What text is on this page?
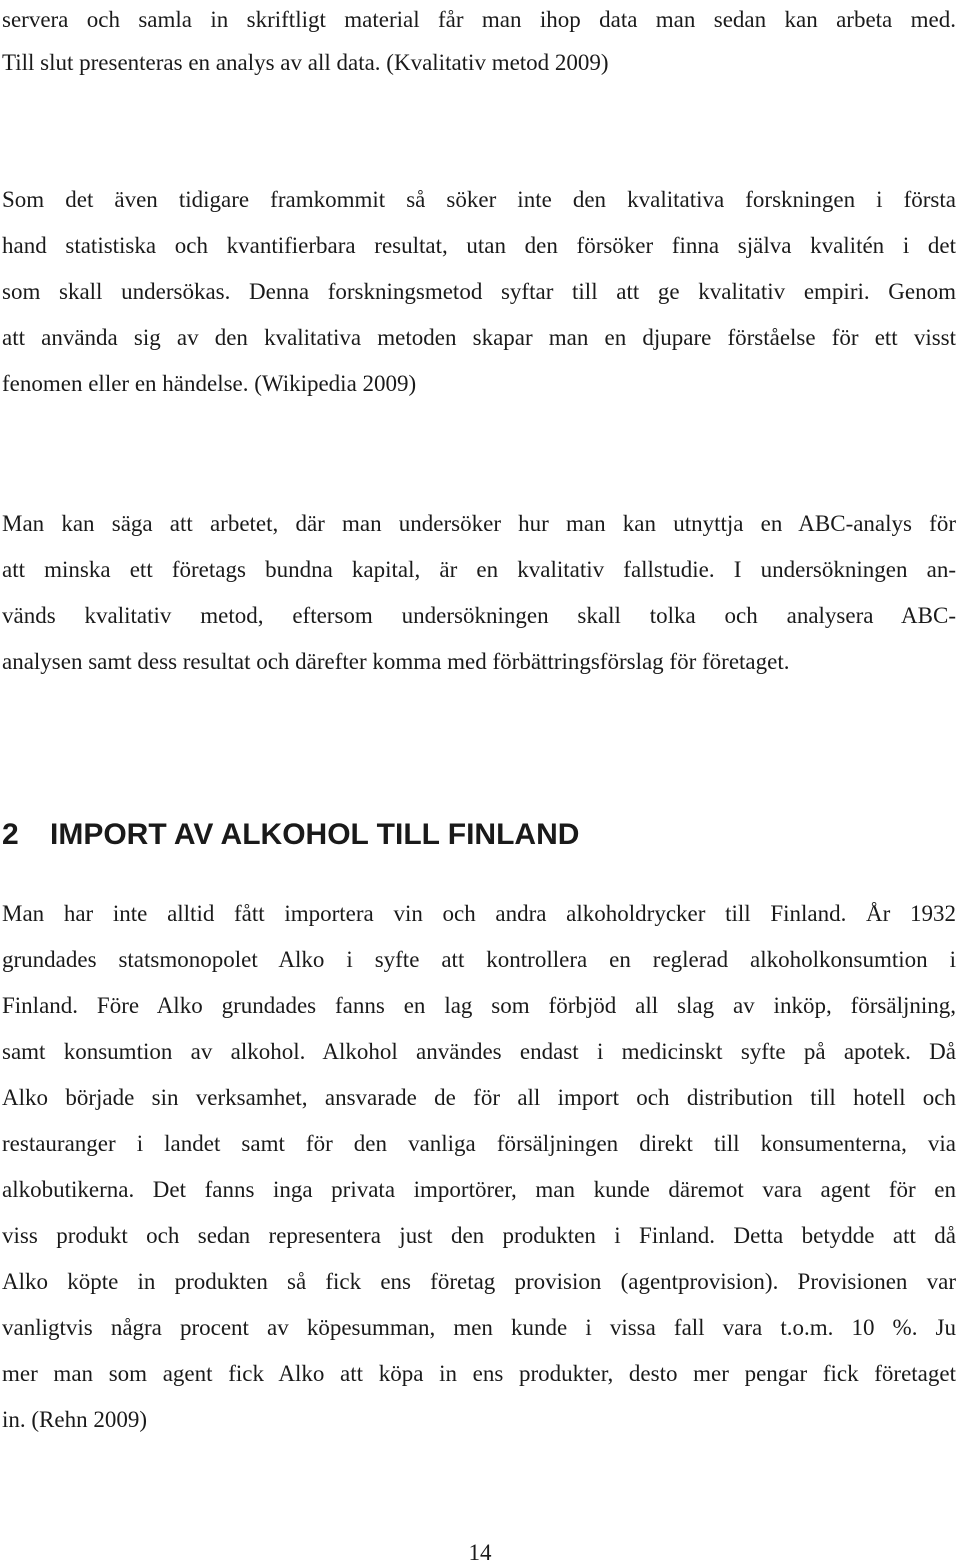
servera och samla in skriftligt material får man ihop data man sedan kan arbeta med.

Till slut presenteras en analys av all data. (Kvalitativ metod 2009)

Som det även tidigare framkommit så söker inte den kvalitativa forskningen i första

hand statistiska och kvantifierbara resultat, utan den försöker finna själva kvalitén i det

som skall undersökas. Denna forskningsmetod syftar till att ge kvalitativ empiri. Genom

att använda sig av den kvalitativa metoden skapar man en djupare förståelse för ett visst

fenomen eller en händelse. (Wikipedia 2009)

Man kan säga att arbetet, där man undersöker hur man kan utnyttja en ABC-analys för

att minska ett företags bundna kapital, är en kvalitativ fallstudie. I undersökningen an-

vänds kvalitativ metod, eftersom undersökningen skall tolka och analysera ABC-

analysen samt dess resultat och därefter komma med förbättringsförslag för företaget.

2 IMPORT AV ALKOHOL TILL FINLAND

Man har inte alltid fått importera vin och andra alkoholdrycker till Finland. År 1932

grundades statsmonopolet Alko i syfte att kontrollera en reglerad alkoholkonsumtion i

Finland. Före Alko grundades fanns en lag som förbjöd all slag av inköp, försäljning,

samt konsumtion av alkohol. Alkohol användes endast i medicinskt syfte på apotek. Då

Alko började sin verksamhet, ansvarade de för all import och distribution till hotell och

restauranger i landet samt för den vanliga försäljningen direkt till konsumenterna, via

alkobutikerna. Det fanns inga privata importörer, man kunde däremot vara agent för en

viss produkt och sedan representera just den produkten i Finland. Detta betydde att då

Alko köpte in produkten så fick ens företag provision (agentprovision). Provisionen var

vanligtvis några procent av köpesumman, men kunde i vissa fall vara t.o.m. 10 %. Ju

mer man som agent fick Alko att köpa in ens produkter, desto mer pengar fick företaget

in. (Rehn 2009)

14
